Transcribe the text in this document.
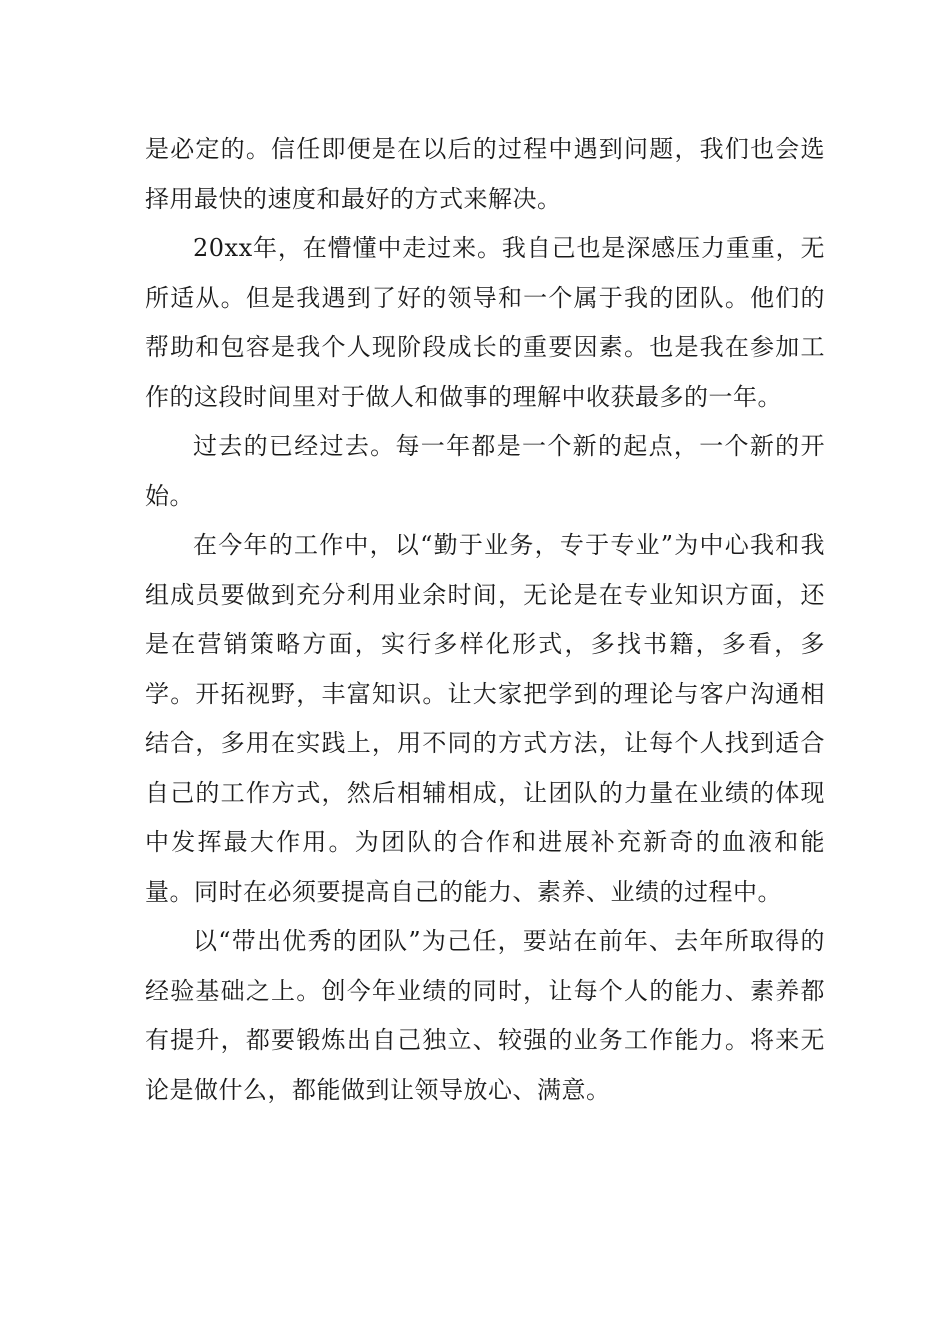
是必定的。信任即便是在以后的过程中遇到问题，我们也会选择用最快的速度和最好的方式来解决。

20xx年，在懵懂中走过来。我自己也是深感压力重重，无所适从。但是我遇到了好的领导和一个属于我的团队。他们的帮助和包容是我个人现阶段成长的重要因素。也是我在参加工作的这段时间里对于做人和做事的理解中收获最多的一年。

过去的已经过去。每一年都是一个新的起点，一个新的开始。

在今年的工作中，以“勤于业务，专于专业”为中心我和我组成员要做到充分利用业余时间，无论是在专业知识方面，还是在营销策略方面，实行多样化形式，多找书籍，多看，多学。开拓视野，丰富知识。让大家把学到的理论与客户沟通相结合，多用在实践上，用不同的方式方法，让每个人找到适合自己的工作方式，然后相辅相成，让团队的力量在业绩的体现中发挥最大作用。为团队的合作和进展补充新奇的血液和能量。同时在必须要提高自己的能力、素养、业绩的过程中。

以“带出优秀的团队”为己任，要站在前年、去年所取得的经验基础之上。创今年业绩的同时，让每个人的能力、素养都有提升，都要锻炼出自己独立、较强的业务工作能力。将来无论是做什么，都能做到让领导放心、满意。
